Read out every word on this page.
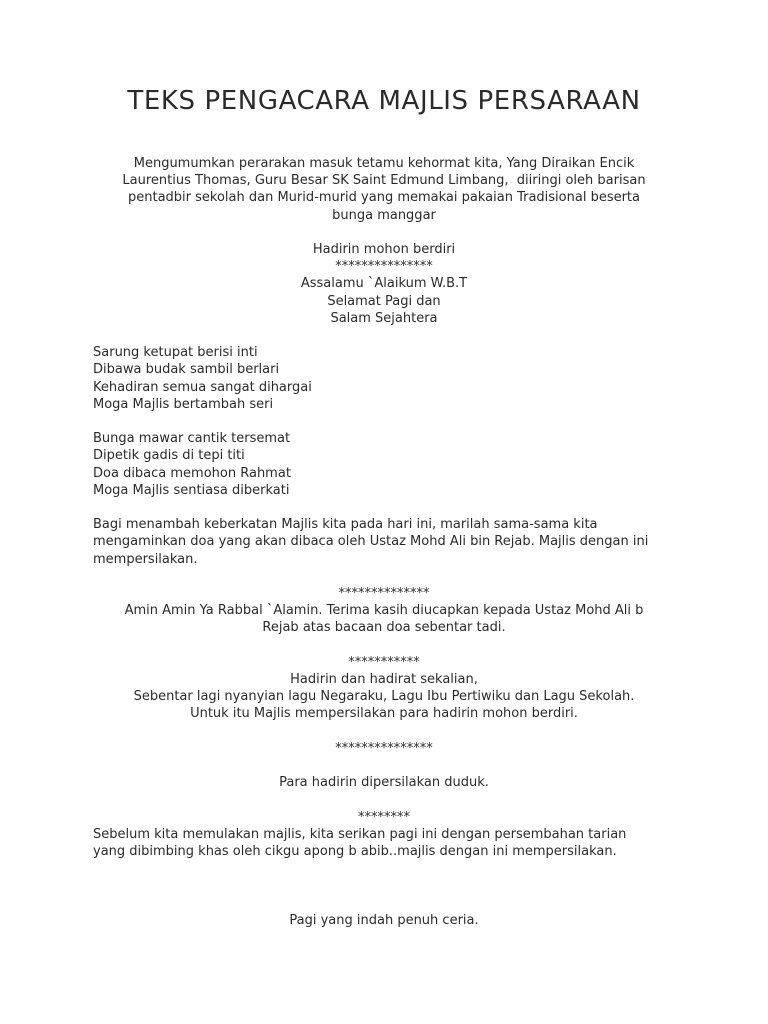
TEKS PENGACARA MAJLIS PERSARAAN
Mengumumkan perarakan masuk tetamu kehormat kita, Yang Diraikan Encik
Laurentius Thomas, Guru Besar SK Saint Edmund Limbang,  diiringi oleh barisan
pentadbir sekolah dan Murid-murid yang memakai pakaian Tradisional beserta
bunga manggar
Hadirin mohon berdiri
***************
Assalamu `Alaikum W.B.T
Selamat Pagi dan
Salam Sejahtera
Sarung ketupat berisi inti
Dibawa budak sambil berlari
Kehadiran semua sangat dihargai
Moga Majlis bertambah seri
Bunga mawar cantik tersemat
Dipetik gadis di tepi titi
Doa dibaca memohon Rahmat
Moga Majlis sentiasa diberkati
Bagi menambah keberkatan Majlis kita pada hari ini, marilah sama-sama kita
mengaminkan doa yang akan dibaca oleh Ustaz Mohd Ali bin Rejab. Majlis dengan ini
mempersilakan.
**************
Amin Amin Ya Rabbal `Alamin. Terima kasih diucapkan kepada Ustaz Mohd Ali b
Rejab atas bacaan doa sebentar tadi.
***********
Hadirin dan hadirat sekalian,
Sebentar lagi nyanyian lagu Negaraku, Lagu Ibu Pertiwiku dan Lagu Sekolah.
Untuk itu Majlis mempersilakan para hadirin mohon berdiri.
***************
Para hadirin dipersilakan duduk.
********
Sebelum kita memulakan majlis, kita serikan pagi ini dengan persembahan tarian
yang dibimbing khas oleh cikgu apong b abib..majlis dengan ini mempersilakan.
Pagi yang indah penuh ceria.
